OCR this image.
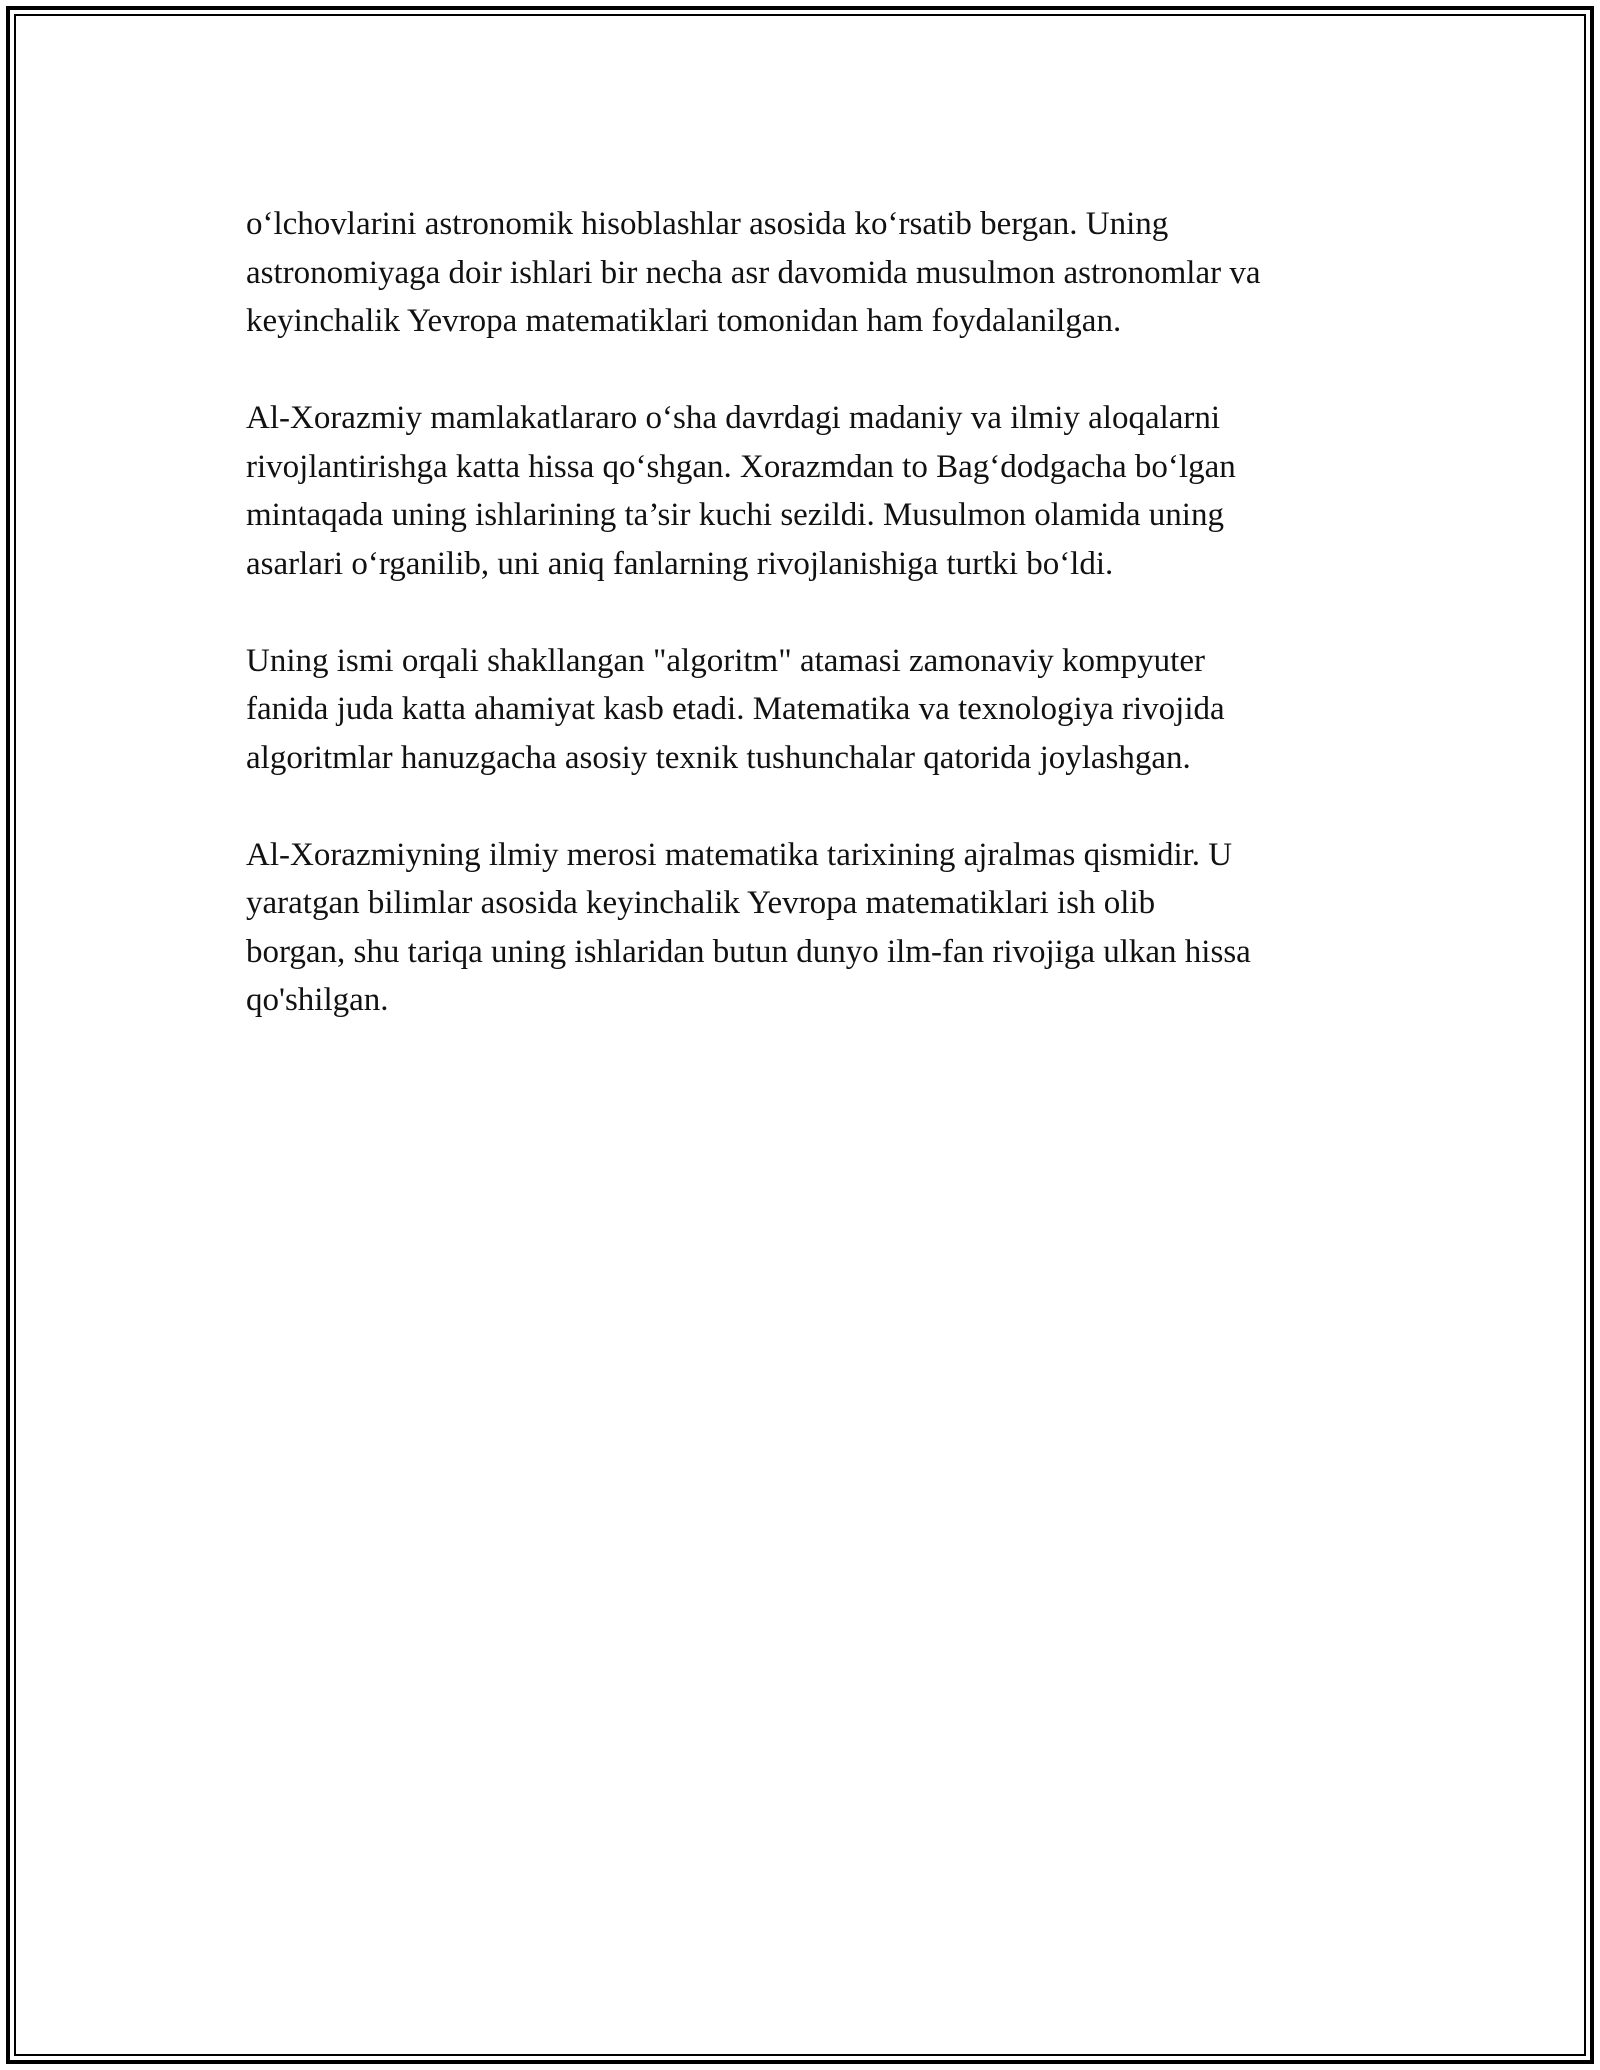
o‘lchovlarini astronomik hisoblashlar asosida ko‘rsatib bergan. Uning
astronomiyaga doir ishlari bir necha asr davomida musulmon astronomlar va
keyinchalik Yevropa matematiklari tomonidan ham foydalanilgan.

Al-Xorazmiy mamlakatlararo o‘sha davrdagi madaniy va ilmiy aloqalarni
rivojlantirishga katta hissa qo‘shgan. Xorazmdan to Bag‘dodgacha bo‘lgan
mintaqada uning ishlarining ta’sir kuchi sezildi. Musulmon olamida uning
asarlari o‘rganilib, uni aniq fanlarning rivojlanishiga turtki bo‘ldi.

Uning ismi orqali shakllangan "algoritm" atamasi zamonaviy kompyuter
fanida juda katta ahamiyat kasb etadi. Matematika va texnologiya rivojida
algoritmlar hanuzgacha asosiy texnik tushunchalar qatorida joylashgan.

Al-Xorazmiyning ilmiy merosi matematika tarixining ajralmas qismidir. U
yaratgan bilimlar asosida keyinchalik Yevropa matematiklari ish olib
borgan, shu tariqa uning ishlaridan butun dunyo ilm-fan rivojiga ulkan hissa
qo'shilgan.
